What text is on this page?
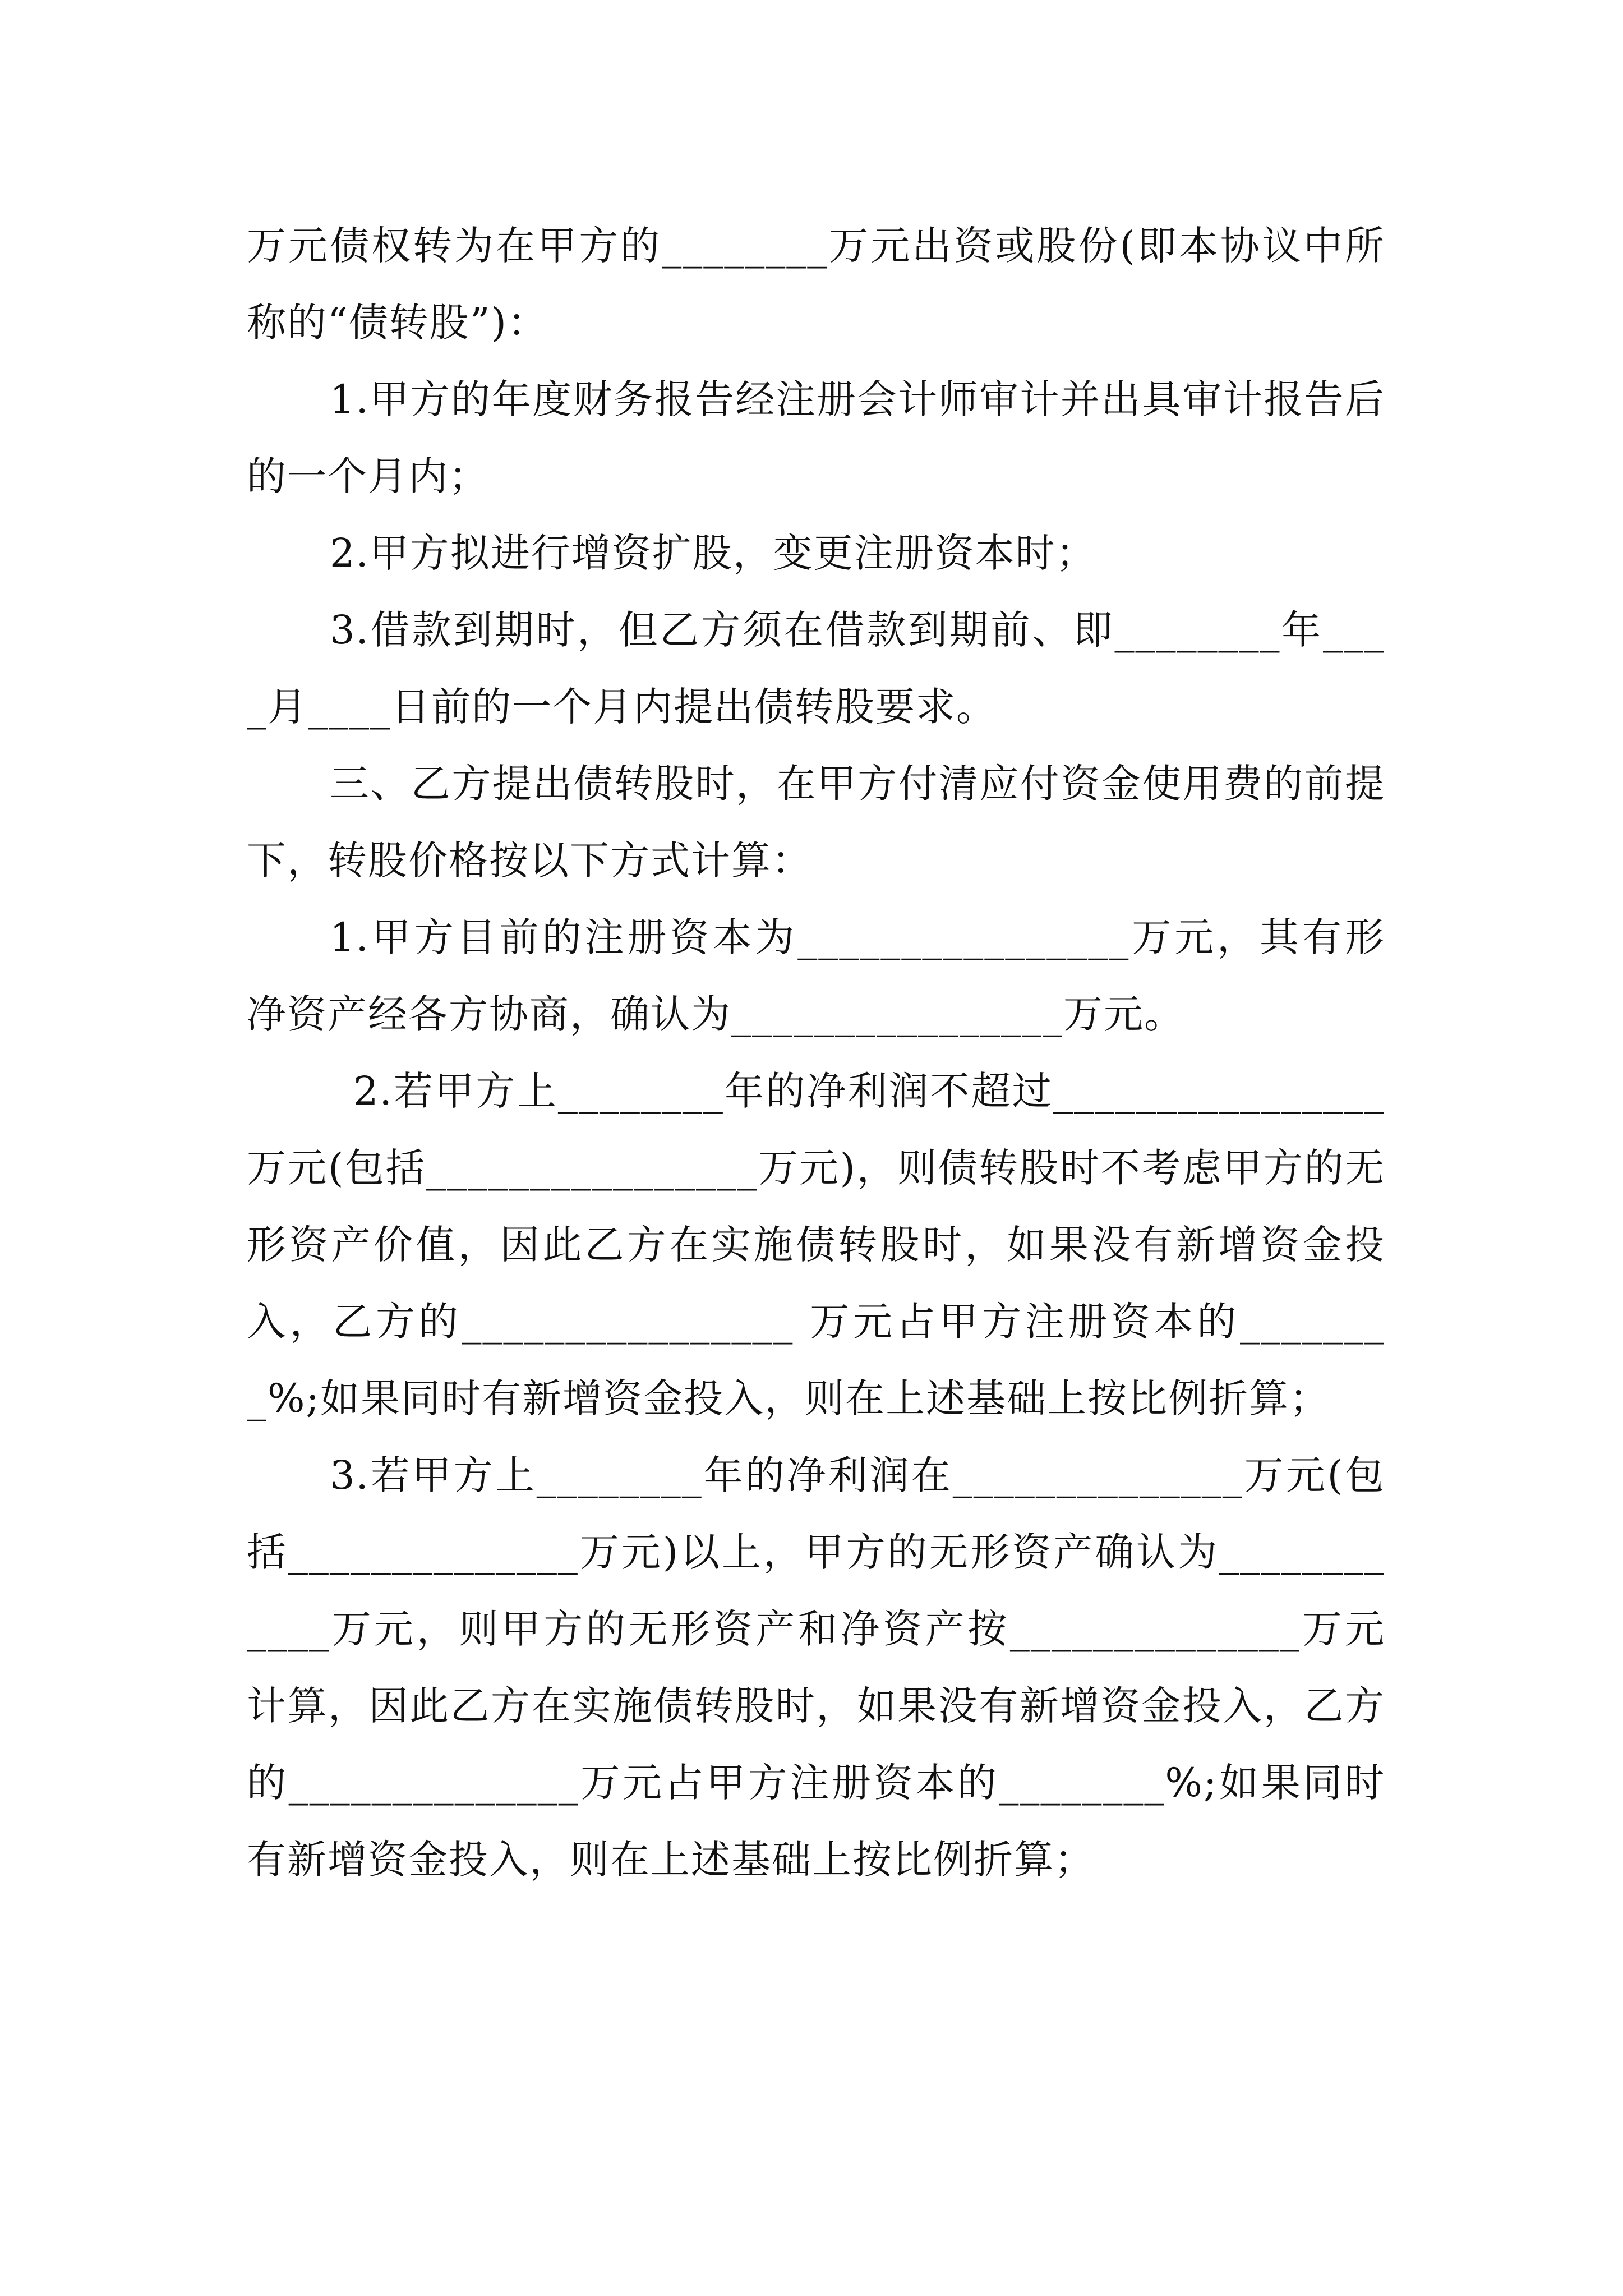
万元债权转为在甲方的________万元出资或股份(即本协议中所称的“债转股”)：

1.甲方的年度财务报告经注册会计师审计并出具审计报告后的一个月内；

2.甲方拟进行增资扩股，变更注册资本时；

3.借款到期时，但乙方须在借款到期前、即________年____月____日前的一个月内提出债转股要求。

三、乙方提出债转股时，在甲方付清应付资金使用费的前提下，转股价格按以下方式计算：

1.甲方目前的注册资本为________________万元，其有形净资产经各方协商，确认为________________万元。

2.若甲方上________年的净利润不超过________________万元(包括________________万元)，则债转股时不考虑甲方的无形资产价值，因此乙方在实施债转股时，如果没有新增资金投入，乙方的________________ 万元占甲方注册资本的________%;如果同时有新增资金投入，则在上述基础上按比例折算；

3.若甲方上________年的净利润在______________万元(包括______________万元)以上，甲方的无形资产确认为____________万元，则甲方的无形资产和净资产按______________万元计算，因此乙方在实施债转股时，如果没有新增资金投入，乙方的______________万元占甲方注册资本的________%;如果同时有新增资金投入，则在上述基础上按比例折算；
